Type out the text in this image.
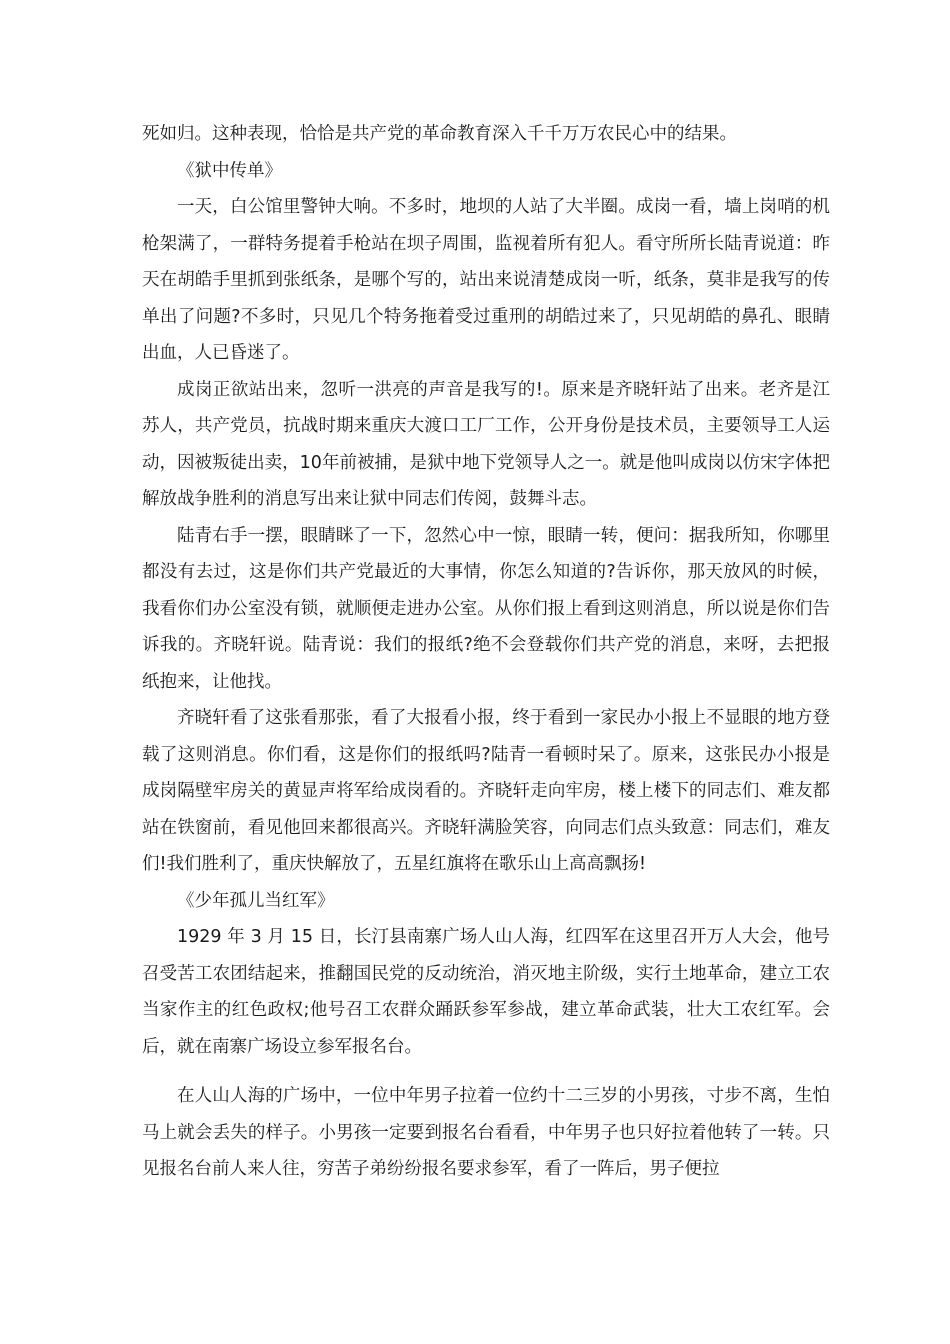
死如归。这种表现，恰恰是共产党的革命教育深入千千万万农民心中的结果。

《狱中传单》

一天，白公馆里警钟大响。不多时，地坝的人站了大半圈。成岗一看，墙上岗哨的机枪架满了，一群特务提着手枪站在坝子周围，监视着所有犯人。看守所所长陆青说道：昨天在胡皓手里抓到张纸条，是哪个写的，站出来说清楚成岗一听，纸条，莫非是我写的传单出了问题?不多时，只见几个特务拖着受过重刑的胡皓过来了，只见胡皓的鼻孔、眼睛出血，人已昏迷了。

成岗正欲站出来，忽听一洪亮的声音是我写的!。原来是齐晓轩站了出来。老齐是江苏人，共产党员，抗战时期来重庆大渡口工厂工作，公开身份是技术员，主要领导工人运动，因被叛徒出卖，10年前被捕，是狱中地下党领导人之一。就是他叫成岗以仿宋字体把解放战争胜利的消息写出来让狱中同志们传阅，鼓舞斗志。

陆青右手一摆，眼睛眯了一下，忽然心中一惊，眼睛一转，便问：据我所知，你哪里都没有去过，这是你们共产党最近的大事情，你怎么知道的?告诉你，那天放风的时候，我看你们办公室没有锁，就顺便走进办公室。从你们报上看到这则消息，所以说是你们告诉我的。齐晓轩说。陆青说：我们的报纸?绝不会登载你们共产党的消息，来呀，去把报纸抱来，让他找。

齐晓轩看了这张看那张，看了大报看小报，终于看到一家民办小报上不显眼的地方登载了这则消息。你们看，这是你们的报纸吗?陆青一看顿时呆了。原来，这张民办小报是成岗隔壁牢房关的黄显声将军给成岗看的。齐晓轩走向牢房，楼上楼下的同志们、难友都站在铁窗前，看见他回来都很高兴。齐晓轩满脸笑容，向同志们点头致意：同志们，难友们!我们胜利了，重庆快解放了，五星红旗将在歌乐山上高高飘扬!

《少年孤儿当红军》

1929 年 3 月 15 日，长汀县南寨广场人山人海，红四军在这里召开万人大会，他号召受苦工农团结起来，推翻国民党的反动统治，消灭地主阶级，实行土地革命，建立工农当家作主的红色政权;他号召工农群众踊跃参军参战，建立革命武装，壮大工农红军。会后，就在南寨广场设立参军报名台。

在人山人海的广场中，一位中年男子拉着一位约十二三岁的小男孩，寸步不离，生怕马上就会丢失的样子。小男孩一定要到报名台看看，中年男子也只好拉着他转了一转。只见报名台前人来人往，穷苦子弟纷纷报名要求参军，看了一阵后，男子便拉
